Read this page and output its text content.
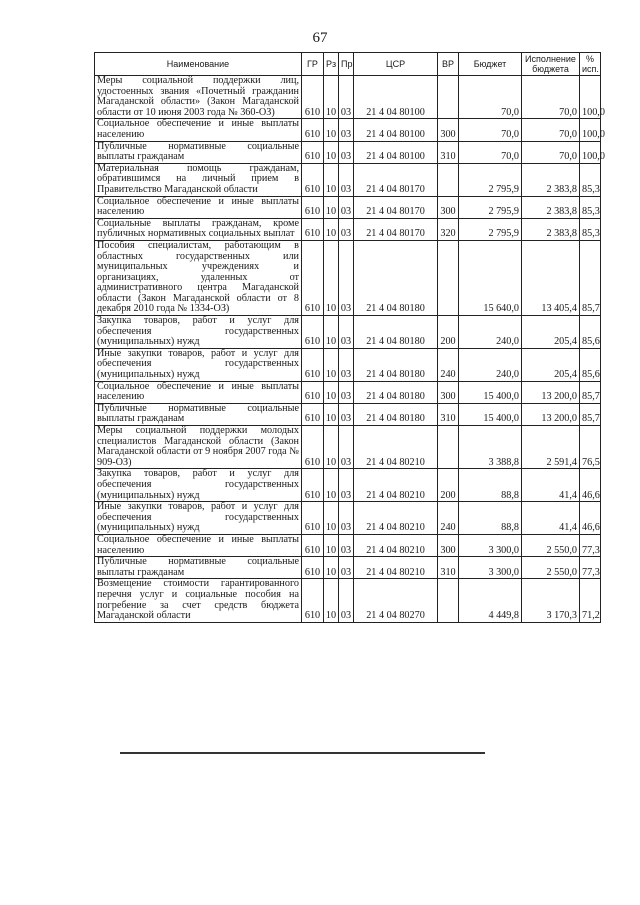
67
Наименование	ГР	Рз	Пр	ЦСР	ВР	Бюджет	Исполнение бюджета	% исп.
Меры социальной поддержки лиц, удостоенных звания «Почетный гражданин Магаданской области» (Закон Магаданской области от 10 июня 2003 года № 360-ОЗ)	610	10	03	21 4 04 80100		70,0	70,0	100,0
Социальное обеспечение и иные выплаты населению	610	10	03	21 4 04 80100	300	70,0	70,0	100,0
Публичные нормативные социальные выплаты гражданам	610	10	03	21 4 04 80100	310	70,0	70,0	100,0
Материальная помощь гражданам, обратившимся на личный прием в Правительство Магаданской области	610	10	03	21 4 04 80170		2 795,9	2 383,8	85,3
Социальное обеспечение и иные выплаты населению	610	10	03	21 4 04 80170	300	2 795,9	2 383,8	85,3
Социальные выплаты гражданам, кроме публичных нормативных социальных выплат	610	10	03	21 4 04 80170	320	2 795,9	2 383,8	85,3
Пособия специалистам, работающим в областных государственных или муниципальных учреждениях и организациях, удаленных от административного центра Магаданской области (Закон Магаданской области от 8 декабря 2010 года № 1334-ОЗ)	610	10	03	21 4 04 80180		15 640,0	13 405,4	85,7
Закупка товаров, работ и услуг для обеспечения государственных (муниципальных) нужд	610	10	03	21 4 04 80180	200	240,0	205,4	85,6
Иные закупки товаров, работ и услуг для обеспечения государственных (муниципальных) нужд	610	10	03	21 4 04 80180	240	240,0	205,4	85,6
Социальное обеспечение и иные выплаты населению	610	10	03	21 4 04 80180	300	15 400,0	13 200,0	85,7
Публичные нормативные социальные выплаты гражданам	610	10	03	21 4 04 80180	310	15 400,0	13 200,0	85,7
Меры социальной поддержки молодых специалистов Магаданской области (Закон Магаданской области от 9 ноября 2007 года № 909-ОЗ)	610	10	03	21 4 04 80210		3 388,8	2 591,4	76,5
Закупка товаров, работ и услуг для обеспечения государственных (муниципальных) нужд	610	10	03	21 4 04 80210	200	88,8	41,4	46,6
Иные закупки товаров, работ и услуг для обеспечения государственных (муниципальных) нужд	610	10	03	21 4 04 80210	240	88,8	41,4	46,6
Социальное обеспечение и иные выплаты населению	610	10	03	21 4 04 80210	300	3 300,0	2 550,0	77,3
Публичные нормативные социальные выплаты гражданам	610	10	03	21 4 04 80210	310	3 300,0	2 550,0	77,3
Возмещение стоимости гарантированного перечня услуг и социальные пособия на погребение за счет средств бюджета Магаданской области	610	10	03	21 4 04 80270		4 449,8	3 170,3	71,2
